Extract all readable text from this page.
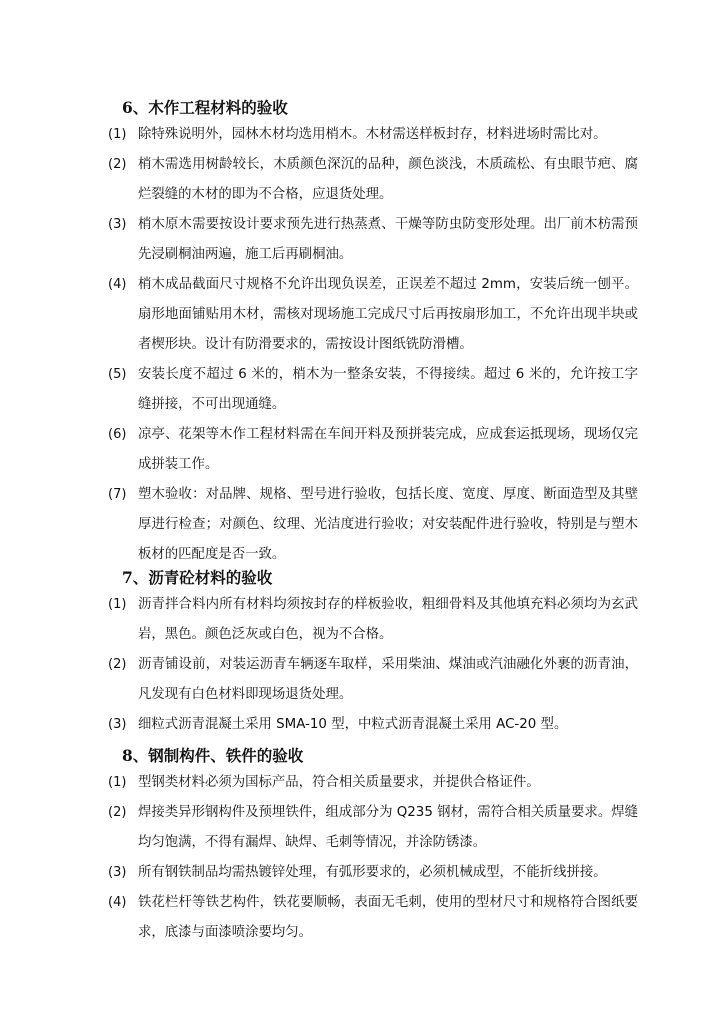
6、木作工程材料的验收
(1) 除特殊说明外，园林木材均选用梢木。木材需送样板封存，材料进场时需比对。
(2) 梢木需选用树龄较长，木质颜色深沉的品种，颜色淡浅，木质疏松、有虫眼节疤、腐烂裂缝的木材的即为不合格，应退货处理。
(3) 梢木原木需要按设计要求预先进行热蒸煮、干燥等防虫防变形处理。出厂前木枋需预先浸刷桐油两遍，施工后再刷桐油。
(4) 梢木成品截面尺寸规格不允许出现负误差，正误差不超过 2mm，安装后统一刨平。扇形地面铺贴用木材，需核对现场施工完成尺寸后再按扇形加工，不允许出现半块或者楔形块。设计有防滑要求的，需按设计图纸铣防滑槽。
(5) 安装长度不超过 6 米的，梢木为一整条安装，不得接续。超过 6 米的，允许按工字缝拼接，不可出现通缝。
(6) 凉亭、花架等木作工程材料需在车间开料及预拼装完成，应成套运抵现场，现场仅完成拼装工作。
(7) 塑木验收：对品牌、规格、型号进行验收，包括长度、宽度、厚度、断面造型及其壁厚进行检查；对颜色、纹理、光洁度进行验收；对安装配件进行验收，特别是与塑木板材的匹配度是否一致。
7、沥青砼材料的验收
(1) 沥青拌合料内所有材料均须按封存的样板验收，粗细骨料及其他填充料必须均为玄武岩，黑色。颜色泛灰或白色，视为不合格。
(2) 沥青铺设前，对装运沥青车辆逐车取样，采用柴油、煤油或汽油融化外裹的沥青油，凡发现有白色材料即现场退货处理。
(3) 细粒式沥青混凝土采用 SMA-10 型，中粒式沥青混凝土采用 AC-20 型。
8、钢制构件、铁件的验收
(1) 型钢类材料必须为国标产品，符合相关质量要求，并提供合格证件。
(2) 焊接类异形钢构件及预埋铁件，组成部分为 Q235 钢材，需符合相关质量要求。焊缝均匀饱满，不得有漏焊、缺焊、毛刺等情况，并涂防锈漆。
(3) 所有钢铁制品均需热镀锌处理，有弧形要求的，必须机械成型，不能折线拼接。
(4) 铁花栏杆等铁艺构件，铁花要顺畅，表面无毛刺，使用的型材尺寸和规格符合图纸要求，底漆与面漆喷涂要均匀。
